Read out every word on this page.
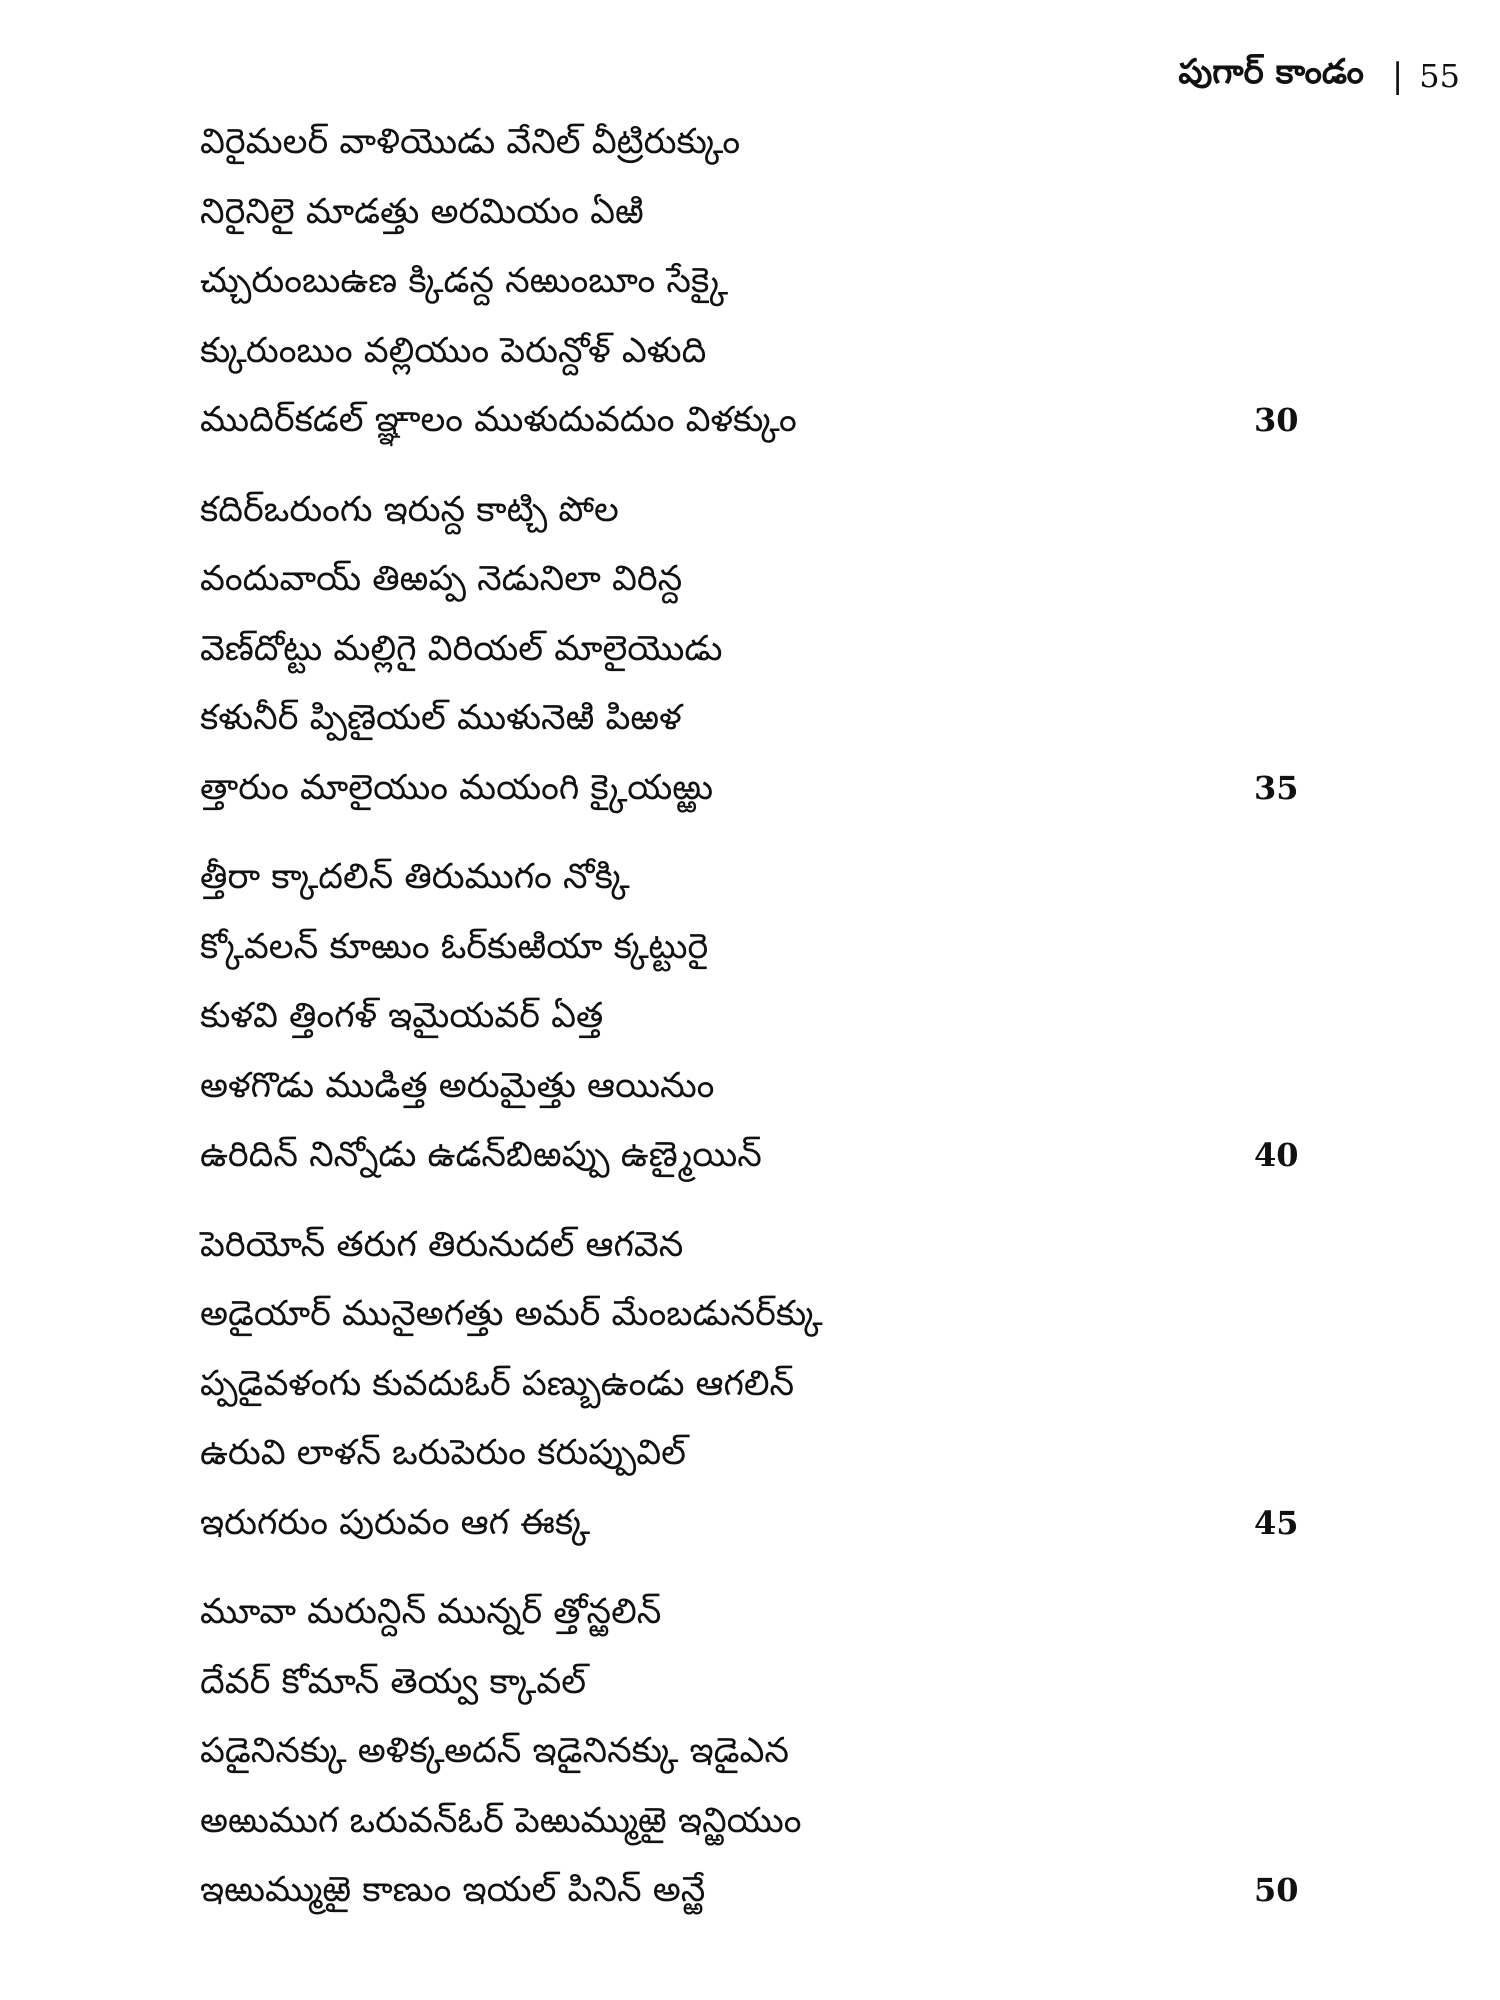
పుగార్ కాండం | 55
విరైమలర్ వాళియొడు వేనిల్ వీట్రిరుక్కుం
నిరైనిలై మాడత్తు అరమియం ఏఱి
చ్చురుంబుఉణ క్కిడన్ద నఱుంబూం సేక్కై
క్కురుంబుం వల్లియుం పెరున్దోళ్ ఎళుది
ముదిర్‌కడల్ ఞ్ఞాలం ముళుదువదుం విళక్కుం	30
కదిర్‌ఒరుంగు ఇరున్ద కాట్చి పోల
వందువాయ్ తిఱప్ప నెడునిలా విరిన్ద
వెణ్‌దోట్టు మల్లిగై విరియల్ మాలైయొడు
కళునీర్ ప్పిణైయల్ ముళునెఱి పిఱళ
త్తారుం మాలైయుం మయంగి క్కైయఱ్ఱు	35
త్తీరా క్కాదలిన్ తిరుముగం నోక్కి
క్కోవలన్ కూఱుం ఓర్‌కుఱియా క్కట్టురై
కుళవి త్తింగళ్ ఇమైయవర్ ఏత్త
అళగొడు ముడిత్త అరుమైత్తు ఆయినుం
ఉరిదిన్ నిన్నోడు ఉడన్‌బిఱప్పు ఉణ్మైయిన్	40
పెరియోన్ తరుగ తిరునుదల్ ఆగవెన
అడైయార్ మునైఅగత్తు అమర్ మేంబడునర్‌క్కు
ప్పడైవళంగు కువదుఓర్ పణ్బుఉండు ఆగలిన్
ఉరువి లాళన్ ఒరుపెరుం కరుప్పువిల్
ఇరుగరుం పురువం ఆగ ఈక్క	45
మూవా మరున్దిన్ మున్నర్ త్తోన్ఱలిన్
దేవర్ కోమాన్ తెయ్వ క్కావల్
పడైనినక్కు అళిక్కఅదన్ ఇడైనినక్కు ఇడైఎన
అఱుముగ ఒరువన్‌ఓర్ పెఱుమ్ముఱై ఇన్ఱియుం
ఇఱుమ్ముఱై కాణుం ఇయల్ పినిన్ అన్ఱే	50
